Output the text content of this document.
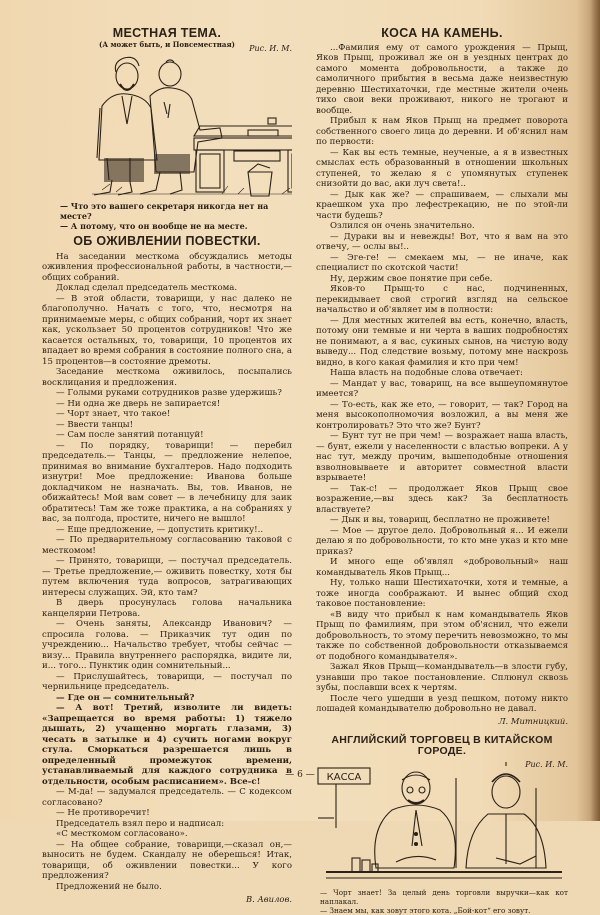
МЕСТНАЯ ТЕМА.
(А может быть, и Повсеместная)	Рис. И. М.

— Что это вашего секретаря никогда нет на месте?

— А потому, что он вообще не на месте.

ОБ ОЖИВЛЕНИИ ПОВЕСТКИ.

На заседании месткома обсуждались методы оживления профессиональной работы, в частности,—общих собраний.

Доклад сделал председатель месткома.

— В этой области, товарищи, у нас далеко не благополучно. Начать с того, что, несмотря на принимаемые меры, с общих собраний, чорт их знает как, ускользает 50 процентов сотрудников! Что же касается остальных, то, товарищи, 10 процентов их впадает во время собрания в состояние полного сна, а 15 процентов—в состояние дремоты.

Заседание месткома оживилось, посыпались восклицания и предложения.

— Голыми руками сотрудников разве удержишь?

— Ни одна же дверь не запирается!

— Чорт знает, что такое!

— Ввести танцы!

— Сам после занятий потанцуй!

— По порядку, товарищи! — перебил председатель.— Танцы, — предложение нелепое, принимая во внимание бухгалтеров. Надо подходить изнутри! Мое предложение: Иванова больше докладчиком не назначать. Вы, тов. Иванов, не обижайтесь! Мой вам совет — в лечебницу для заик обратитесь! Там же тоже практика, а на собраниях у вас, за полгода, простите, ничего не вышло!

— Еще предложение, — допустить критику!..

— По предварительному согласованию таковой с месткомом!

— Принято, товарищи, — постучал председатель. — Третье предложение,— оживить повестку, хотя бы путем включения туда вопросов, затрагивающих интересы служащих. Эй, кто там?

В дверь просунулась голова начальника канцелярии Петрова.

— Очень заняты, Александр Иванович? — спросила голова. — Приказчик тут один по учреждению... Начальство требует, чтобы сейчас — визу... Правила внутреннего распорядка, видите ли, и... того... Пунктик один сомнительный...

— Прислушайтесь, товарищи, — постучал по чернильнице председатель.

— Где он — сомнительный?

— А вот! Третий, изволите ли видеть: «Запрещается во время работы: 1) тяжело дышать, 2) учащенно моргать глазами, 3) чесать в затылке и 4) сучить ногами вокруг стула. Сморкаться разрешается лишь в определенный промежуток времени, устанавливаемый для каждого сотрудника в отдельности, особым расписанием». Все-с!

— М-да! — задумался председатель. — С кодексом согласовано?

— Не противоречит!

Председатель взял перо и надписал:

«С месткомом согласовано».

— На общее собрание, товарищи,—сказал он,—выносить не будем. Скандалу не оберешься! Итак, товарищи, об оживлении повестки... У кого предложения?

Предложений не было.

В. Авилов.
КОСА НА КАМЕНЬ.

...Фамилия ему от самого урождения — Прыщ, Яков Прыщ, проживал же он в уездных центрах до самого момента добровольности, а также до самоличного прибытия в весьма даже неизвестную деревню Шестихаточки, где местные жители очень тихо свои веки проживают, никого не трогают и вообще.

Прибыл к нам Яков Прыщ на предмет поворота собственного своего лица до деревни. И об'яснил нам по первости:

— Как вы есть темные, неученые, а я в известных смыслах есть образованный в отношении школьных ступеней, то желаю я с упомянутых ступенек снизойти до вас, аки луч света!..

— Дык как же? — спрашиваем, — слыхали мы краешком уха про лефестрекацию, не по этой-ли части будешь?

Озлился он очень значительно.

— Дураки вы и невежды! Вот, что я вам на это отвечу, — ослы вы!..

— Эге-ге! — смекаем мы, — не иначе, как специалист по скотской части!

Ну, держим свое понятие при себе.

Яков-то Прыщ-то с нас, подчиненных, перекидывает свой строгий взгляд на сельское начальство и об'являет им в полности:

— Для местных жителей вы есть, конечно, власть, потому они темные и ни черта в ваших подробностях не понимают, а я вас, сукиных сынов, на чистую воду выведу... Под следствие возьму, потому мне наскрозь видно, в кого какая фамилия и кто при чем!

Наша власть на подобные слова отвечает:

— Мандат у вас, товарищ, на все вышеупомянутое имеется?

— То-есть, как же ето, — говорит, — так? Город на меня высокополномочия возложил, а вы меня же контролировать? Это что же? Бунт?

— Бунт тут не при чем! — возражает наша власть, — бунт, ежели у населенности с властью вопреки. А у нас тут, между прочим, вышеподобные отношения взволновываете и авторитет совместной власти взрываете!

— Так-с! — продолжает Яков Прыщ свое возражение,—вы здесь как? За бесплатность властвуете?

— Дык и вы, товарищ, бесплатно не проживете!

— Мое — другое дело. Добровольный я... И ежели делаю я по добровольности, то кто мне указ и кто мне приказ?

И много еще об'являл «добровольный» наш командыватель Яков Прыщ...

Ну, только наши Шестихаточки, хотя и темные, а тоже иногда соображают. И вынес общий сход таковое постановление:

«В виду что прибыл к нам командыватель Яков Прыщ по фамилиям, при этом об'яснил, что ежели добровольность, то этому перечить невозможно, то мы также по собственной добровольности отказываемся от подобного командывателя».

Зажал Яков Прыщ—командыватель—в злости губу, узнавши про такое постановление. Сплюнул сквозь зубы, пославши всех к чертям.

После чего ушедши в уезд пешком, потому никто лошадей командывателю добровольно не давал.

Л. Митницкий.
АНГЛИЙСКИЙ ТОРГОВЕЦ В КИТАЙСКОМ ГОРОДЕ.
Рис. И. М.
КАССА

— Чорт знает! За целый день торговли выручки—как кот наплакал.

— Знаем мы, как зовут этого кота. „Бой-кот“ его зовут.

— 6 —
